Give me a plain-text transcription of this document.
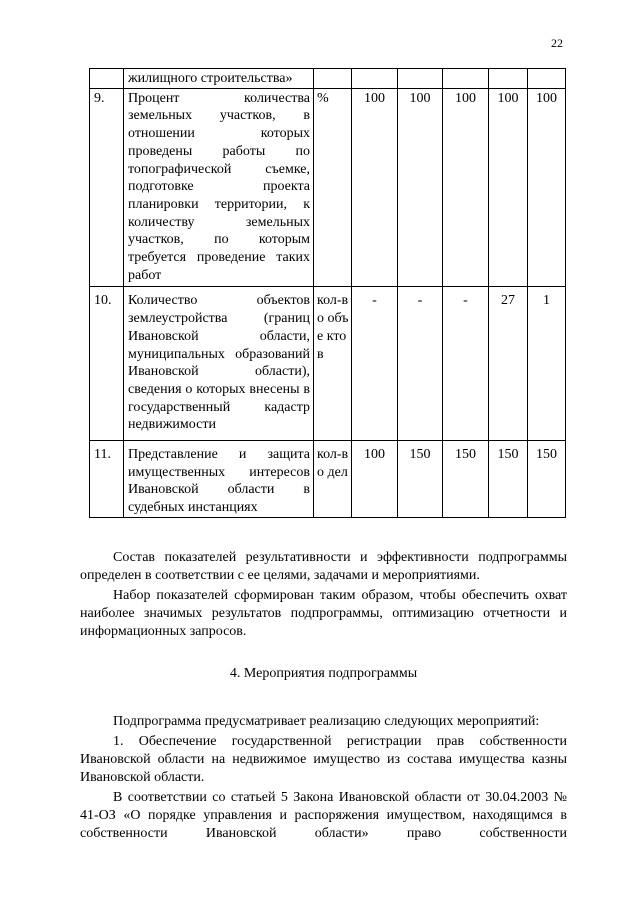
22
	жилищного строительства»						
9.	Процент количества земельных участков, в отношении которых проведены работы по топографической съемке, подготовке проекта планировки территории, к количеству земельных участков, по которым требуется проведение таких работ	%	100	100	100	100	100
10.	Количество объектов землеустройства (границ Ивановской области, муниципальных образований Ивановской области), сведения о которых внесены в государственный кадастр недвижимости	кол-во объе ктов	-	-	-	27	1
11.	Представление и защита имущественных интересов Ивановской области в судебных инстанциях	кол-во дел	100	150	150	150	150

Состав показателей результативности и эффективности подпрограммы определен в соответствии с ее целями, задачами и мероприятиями.

Набор показателей сформирован таким образом, чтобы обеспечить охват наиболее значимых результатов подпрограммы, оптимизацию отчетности и информационных запросов.

4. Мероприятия подпрограммы

Подпрограмма предусматривает реализацию следующих мероприятий:

1. Обеспечение государственной регистрации прав собственности Ивановской области на недвижимое имущество из состава имущества казны Ивановской области.

В соответствии со статьей 5 Закона Ивановской области от 30.04.2003 № 41-ОЗ «О порядке управления и распоряжения имуществом, находящимся в собственности Ивановской области» право собственности
